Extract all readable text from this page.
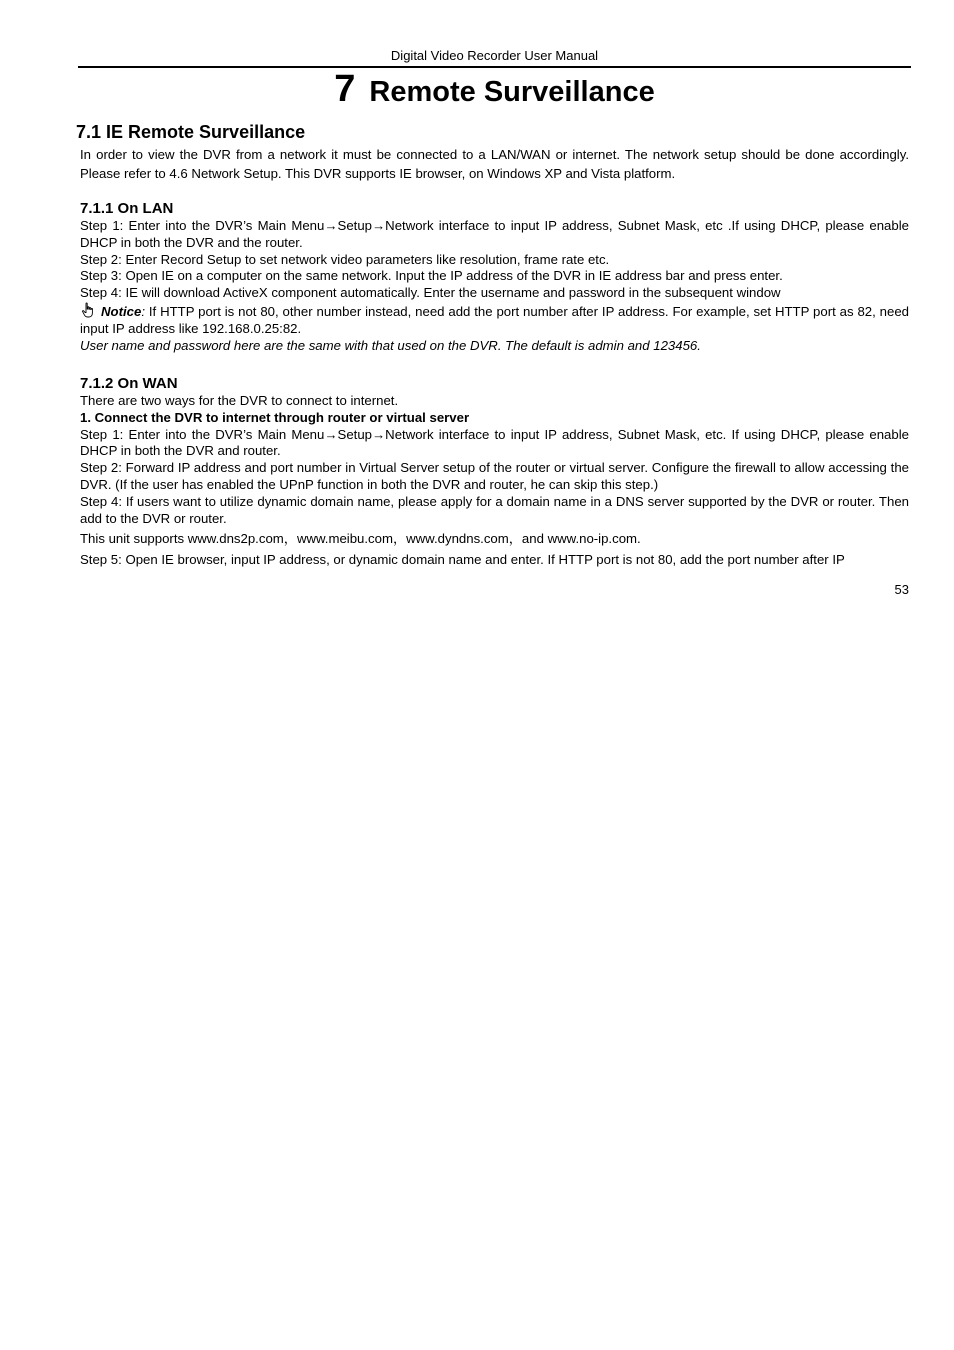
Digital Video Recorder User Manual
7 Remote Surveillance
7.1 IE Remote Surveillance

In order to view the DVR from a network it must be connected to a LAN/WAN or internet. The network setup should be done accordingly. Please refer to 4.6 Network Setup. This DVR supports IE browser, on Windows XP and Vista platform.

7.1.1 On LAN

Step 1: Enter into the DVR’s Main Menu→Setup→Network interface to input IP address, Subnet Mask, etc .If using DHCP, please enable DHCP in both the DVR and the router.

Step 2: Enter Record Setup to set network video parameters like resolution, frame rate etc.

Step 3: Open IE on a computer on the same network. Input the IP address of the DVR in IE address bar and press enter.

Step 4: IE will download ActiveX component automatically. Enter the username and password in the subsequent window

Notice: If HTTP port is not 80, other number instead, need add the port number after IP address. For example, set HTTP port as 82, need input IP address like 192.168.0.25:82.

User name and password here are the same with that used on the DVR. The default is admin and 123456.

7.1.2 On WAN

There are two ways for the DVR to connect to internet.

1. Connect the DVR to internet through router or virtual server

Step 1: Enter into the DVR’s Main Menu→Setup→Network interface to input IP address, Subnet Mask, etc. If using DHCP, please enable DHCP in both the DVR and router.

Step 2: Forward IP address and port number in Virtual Server setup of the router or virtual server. Configure the firewall to allow accessing the DVR. (If the user has enabled the UPnP function in both the DVR and router, he can skip this step.)

Step 4: If users want to utilize dynamic domain name, please apply for a domain name in a DNS server supported by the DVR or router. Then add to the DVR or router.

This unit supports www.dns2p.com，www.meibu.com，www.dyndns.com，and www.no-ip.com.

Step 5: Open IE browser, input IP address, or dynamic domain name and enter. If HTTP port is not 80, add the port number after IP

53
